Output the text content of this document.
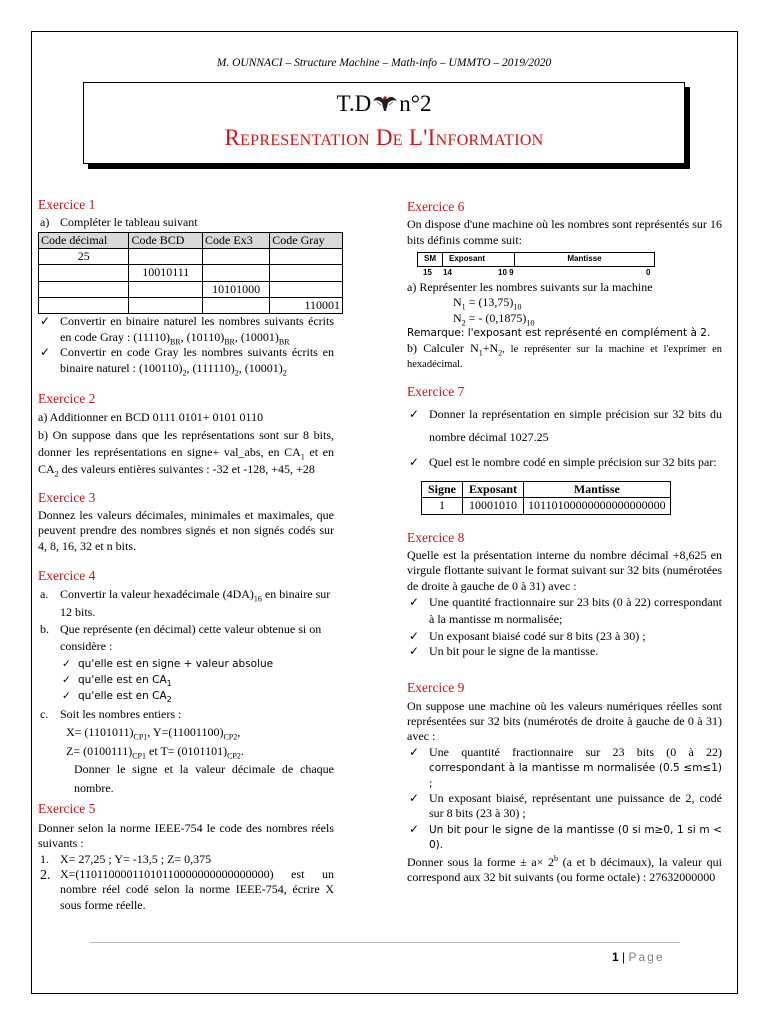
M. OUNNACI – Structure Machine – Math-info – UMMTO – 2019/2020
T.D n°2
Representation De L'Information
Exercice 1
a) Compléter le tableau suivant
Code décimal	Code BCD	Code Ex3	Code Gray
25			
	10010111		
		10101000	
			110001
✓ Convertir en binaire naturel les nombres suivants écrits en code Gray : $(11110)_{BR}$, $(10110)_{BR}$, $(10001)_{BR}$
✓ Convertir en code Gray les nombres suivants écrits en binaire naturel : $(100110)_2$, $(111110)_2$, $(10001)_2$
Exercice 2

a) Additionner en BCD 0111 0101+ 0101 0110

b) On suppose dans que les représentations sont sur 8 bits, donner les représentations en signe+ val_abs, en $CA_1$ et en $CA_2$ des valeurs entières suivantes : -32 et -128, +45, +28

Exercice 3

Donnez les valeurs décimales, minimales et maximales, que peuvent prendre des nombres signés et non signés codés sur 4, 8, 16, 32 et n bits.

Exercice 4
a. Convertir la valeur hexadécimale $(4DA)_{16}$ en binaire sur 12 bits.
b. Que représente (en décimal) cette valeur obtenue si on considère :
✓ qu'elle est en signe + valeur absolue
✓ qu'elle est en $CA_1$
✓ qu'elle est en $CA_2$
c. Soit les nombres entiers :
$X= (1101011)_{CP1}$, $Y=(11001100)_{CP2}$,
$Z= (0100111)_{CP1}$ et $T= (0101101)_{CP2}$.

Donner le signe et la valeur décimale de chaque nombre.

Exercice 5

Donner selon la norme IEEE-754 le code des nombres réels suivants :

1. X= 27,25 ; Y= -13,5 ; Z= 0,375
2. X=(11011000011010110000000000000000) est un nombre réel codé selon la norme IEEE-754, écrire X sous forme réelle.
Exercice 6

On dispose d'une machine où les nombres sont représentés sur 16 bits définis comme suit:

SM	Exposant	Mantisse
15 14	10 9	0

a) Représenter les nombres suivants sur la machine

$N_1 = (13,75)_{10}$

$N_2$ = - $(0,1875)_{10}$

Remarque: l'exposant est représenté en complément à 2.

b) Calculer $N_1+N_2$, le représenter sur la machine et l'exprimer en hexadécimal.

Exercice 7
✓ Donner la représentation en simple précision sur 32 bits du nombre décimal 1027.25
✓ Quel est le nombre codé en simple précision sur 32 bits par:
Signe	Exposant	Mantisse
1	10001010	10110100000000000000000
Exercice 8

Quelle est la présentation interne du nombre décimal +8,625 en virgule flottante suivant le format suivant sur 32 bits (numérotées de droite à gauche de 0 à 31) avec :

✓ Une quantité fractionnaire sur 23 bits (0 à 22) correspondant à la mantisse m normalisée;
✓ Un exposant biaisé codé sur 8 bits (23 à 30) ;
✓ Un bit pour le signe de la mantisse.
Exercice 9

On suppose une machine où les valeurs numériques réelles sont représentées sur 32 bits (numérotés de droite à gauche de 0 à 31) avec :

✓ Une quantité fractionnaire sur 23 bits (0 à 22) correspondant à la mantisse m normalisée (0.5 ≤m≤1) ;
✓ Un exposant biaisé, représentant une puissance de 2, codé sur 8 bits (23 à 30) ;
✓ Un bit pour le signe de la mantisse (0 si m≥0, 1 si m < 0).

Donner sous la forme ± $a\times 2^b$ (a et b décimaux), la valeur qui correspond aux 32 bit suivants (ou forme octale) : 27632000000

1 | Page
